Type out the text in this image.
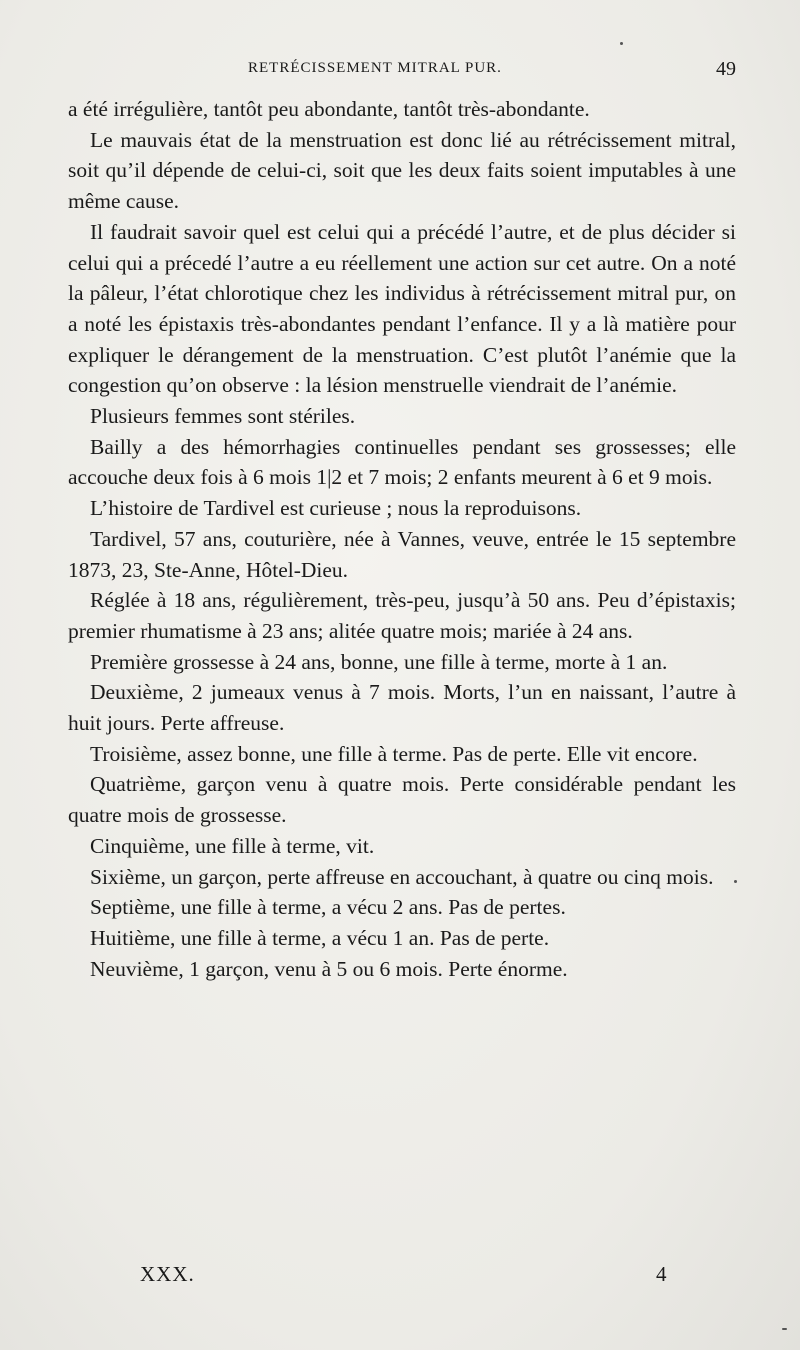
RETRÉCISSEMENT MITRAL PUR.	49

a été irrégulière, tantôt peu abondante, tantôt très-abondante.

Le mauvais état de la menstruation est donc lié au rétrécissement mitral, soit qu’il dépende de celui-ci, soit que les deux faits soient imputables à une même cause.

Il faudrait savoir quel est celui qui a précédé l’autre, et de plus décider si celui qui a précedé l’autre a eu réellement une action sur cet autre. On a noté la pâleur, l’état chlorotique chez les individus à rétrécissement mitral pur, on a noté les épistaxis très-abondantes pendant l’enfance. Il y a là matière pour expliquer le dérangement de la menstruation. C’est plutôt l’anémie que la congestion qu’on observe : la lésion menstruelle viendrait de l’anémie.

Plusieurs femmes sont stériles.

Bailly a des hémorrhagies continuelles pendant ses grossesses; elle accouche deux fois à 6 mois 1|2 et 7 mois; 2 enfants meurent à 6 et 9 mois.

L’histoire de Tardivel est curieuse ; nous la reproduisons.

Tardivel, 57 ans, couturière, née à Vannes, veuve, entrée le 15 septembre 1873, 23, Ste-Anne, Hôtel-Dieu.

Réglée à 18 ans, régulièrement, très-peu, jusqu’à 50 ans. Peu d’épistaxis; premier rhumatisme à 23 ans; alitée quatre mois; mariée à 24 ans.

Première grossesse à 24 ans, bonne, une fille à terme, morte à 1 an.

Deuxième, 2 jumeaux venus à 7 mois. Morts, l’un en naissant, l’autre à huit jours. Perte affreuse.

Troisième, assez bonne, une fille à terme. Pas de perte. Elle vit encore.

Quatrième, garçon venu à quatre mois. Perte considérable pendant les quatre mois de grossesse.

Cinquième, une fille à terme, vit.

Sixième, un garçon, perte affreuse en accouchant, à quatre ou cinq mois.

Septième, une fille à terme, a vécu 2 ans. Pas de pertes.

Huitième, une fille à terme, a vécu 1 an. Pas de perte.

Neuvième, 1 garçon, venu à 5 ou 6 mois. Perte énorme.

XXX.	4
